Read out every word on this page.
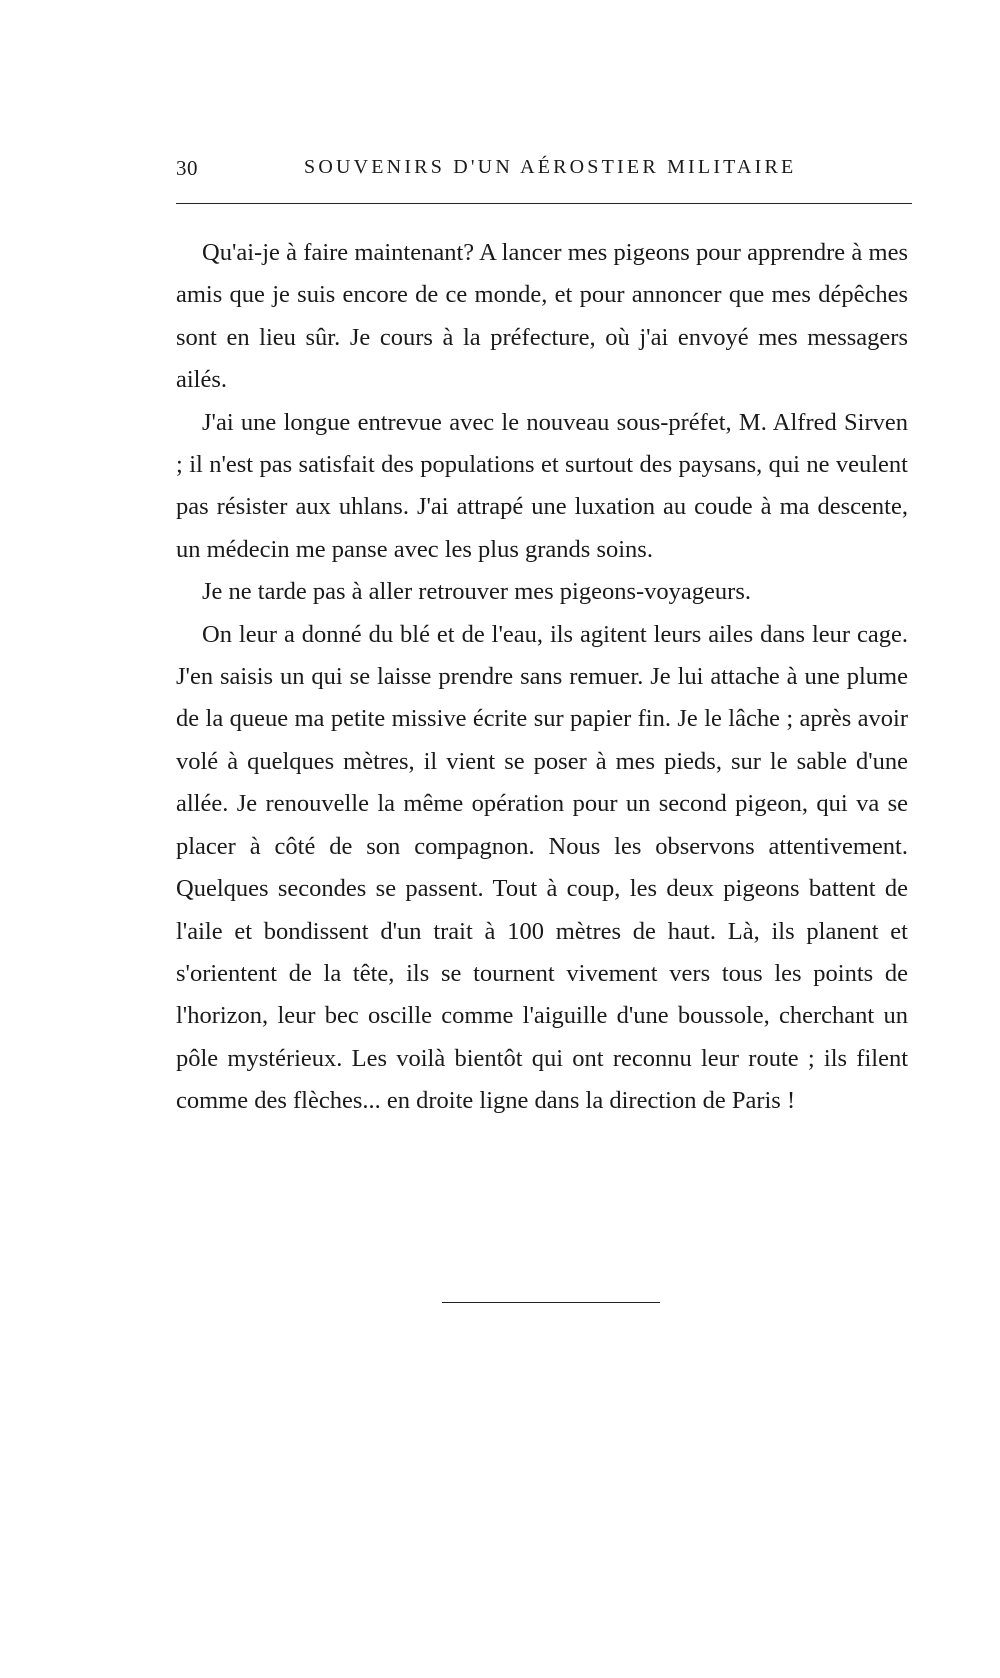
30	SOUVENIRS D'UN AÉROSTIER MILITAIRE

Qu'ai-je à faire maintenant? A lancer mes pigeons pour apprendre à mes amis que je suis encore de ce monde, et pour annoncer que mes dépêches sont en lieu sûr. Je cours à la préfecture, où j'ai envoyé mes messagers ailés.

J'ai une longue entrevue avec le nouveau sous-préfet, M. Alfred Sirven ; il n'est pas satisfait des populations et surtout des paysans, qui ne veulent pas résister aux uhlans. J'ai attrapé une luxation au coude à ma descente, un médecin me panse avec les plus grands soins.

Je ne tarde pas à aller retrouver mes pigeons-voyageurs.

On leur a donné du blé et de l'eau, ils agitent leurs ailes dans leur cage. J'en saisis un qui se laisse prendre sans remuer. Je lui attache à une plume de la queue ma petite missive écrite sur papier fin. Je le lâche ; après avoir volé à quelques mètres, il vient se poser à mes pieds, sur le sable d'une allée. Je renouvelle la même opération pour un second pigeon, qui va se placer à côté de son compagnon. Nous les observons attentivement. Quelques secondes se passent. Tout à coup, les deux pigeons battent de l'aile et bondissent d'un trait à 100 mètres de haut. Là, ils planent et s'orientent de la tête, ils se tournent vivement vers tous les points de l'horizon, leur bec oscille comme l'aiguille d'une boussole, cherchant un pôle mystérieux. Les voilà bientôt qui ont reconnu leur route ; ils filent comme des flèches... en droite ligne dans la direction de Paris !
